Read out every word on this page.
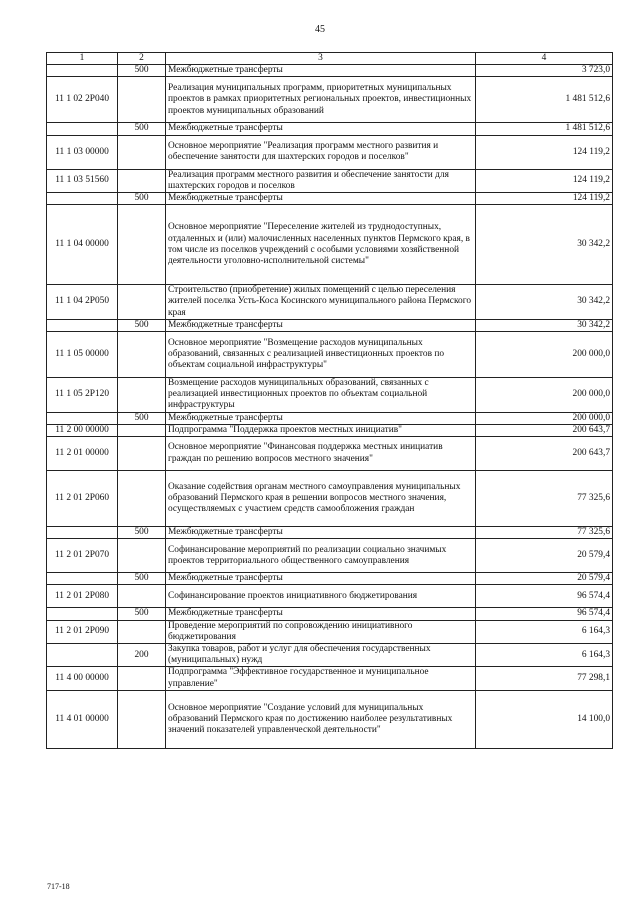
45
1	2	3	4
	500	Межбюджетные трансферты	3 723,0
11 1 02 2P040		Реализация муниципальных программ, приоритетных муниципальных проектов в рамках приоритетных региональных проектов, инвестиционных проектов муниципальных образований	1 481 512,6
	500	Межбюджетные трансферты	1 481 512,6
11 1 03 00000		Основное мероприятие "Реализация программ местного развития и обеспечение занятости для шахтерских городов и поселков"	124 119,2
11 1 03 51560		Реализация программ местного развития и обеспечение занятости для шахтерских городов и поселков	124 119,2
	500	Межбюджетные трансферты	124 119,2
11 1 04 00000		Основное мероприятие "Переселение жителей из труднодоступных, отдаленных и (или) малочисленных населенных пунктов Пермского края, в том числе из поселков учреждений с особыми условиями хозяйственной деятельности уголовно-исполнительной системы"	30 342,2
11 1 04 2P050		Строительство (приобретение) жилых помещений с целью переселения жителей поселка Усть-Коса Косинского муниципального района Пермского края	30 342,2
	500	Межбюджетные трансферты	30 342,2
11 1 05 00000		Основное мероприятие "Возмещение расходов муниципальных образований, связанных с реализацией инвестиционных проектов по объектам социальной инфраструктуры"	200 000,0
11 1 05 2P120		Возмещение расходов муниципальных образований, связанных с реализацией инвестиционных проектов по объектам социальной инфраструктуры	200 000,0
	500	Межбюджетные трансферты	200 000,0
11 2 00 00000		Подпрограмма "Поддержка проектов местных инициатив"	200 643,7
11 2 01 00000		Основное мероприятие "Финансовая поддержка местных инициатив граждан по решению вопросов местного значения"	200 643,7
11 2 01 2P060		Оказание содействия органам местного самоуправления муниципальных образований Пермского края в решении вопросов местного значения, осуществляемых с участием средств самообложения граждан	77 325,6
	500	Межбюджетные трансферты	77 325,6
11 2 01 2P070		Софинансирование мероприятий по реализации социально значимых проектов территориального общественного самоуправления	20 579,4
	500	Межбюджетные трансферты	20 579,4
11 2 01 2P080		Софинансирование проектов инициативного бюджетирования	96 574,4
	500	Межбюджетные трансферты	96 574,4
11 2 01 2P090		Проведение мероприятий по сопровождению инициативного бюджетирования	6 164,3
	200	Закупка товаров, работ и услуг для обеспечения государственных (муниципальных) нужд	6 164,3
11 4 00 00000		Подпрограмма "Эффективное государственное и муниципальное управление"	77 298,1
11 4 01 00000		Основное мероприятие "Создание условий для муниципальных образований Пермского края по достижению наиболее результативных значений показателей управленческой деятельности"	14 100,0
717-18
